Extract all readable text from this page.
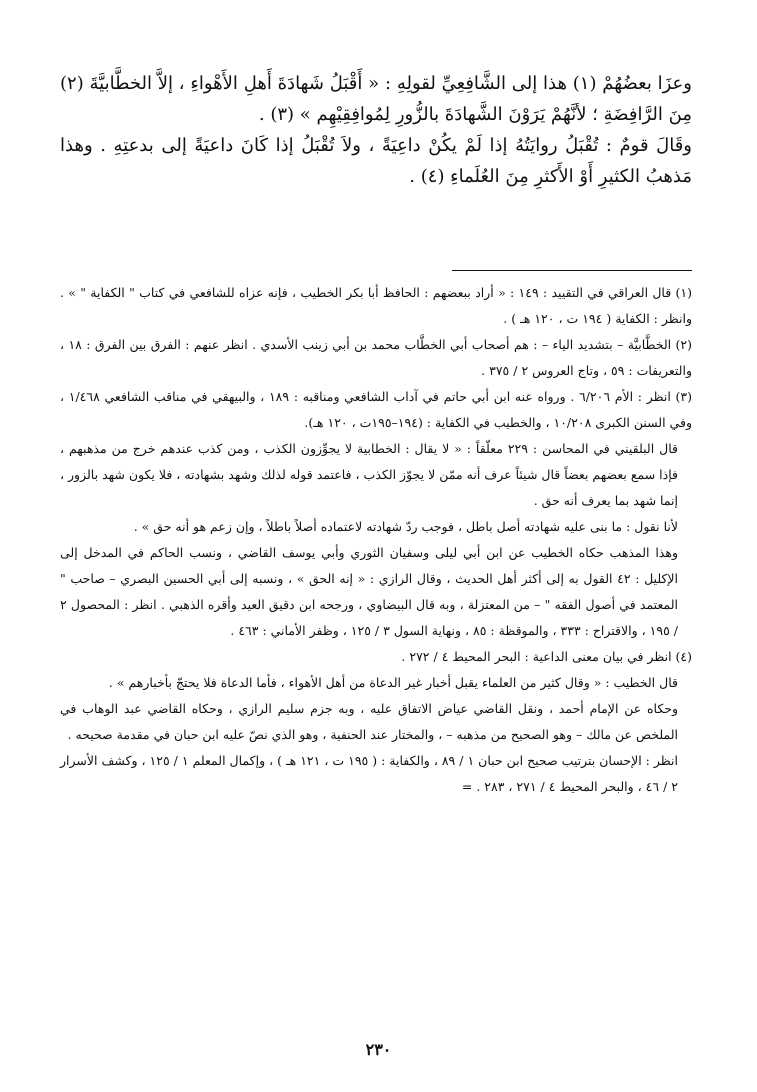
وعزَا بعضُهُمْ (١) هذا إلى الشَّافِعِيِّ لقولِهِ : « أَقْبَلُ شَهادَةَ أَهلِ الأَهْواءِ ، إلاَّ الخطَّابيَّةَ (٢) مِنَ الرَّافِضَةِ ؛ لأنَّهُمْ يَرَوْنَ الشَّهادَةَ بالزُّورِ لِمُوافِقِيْهِم » (٣) .

وقَالَ قومٌ : تُقْبَلُ روايَتُهُ إذا لَمْ يكُنْ داعِيَةً ، ولاَ تُقْبَلُ إذا كَانَ داعيَةً إلى بدعتِهِ . وهذا مَذهبُ الكثيرِ أَوْ الأَكثرِ مِنَ العُلَماءِ (٤) .

(١) قال العراقي في التقييد : ١٤٩ : « أراد ببعضهم : الحافظ أبا بكر الخطيب ، فإنه عزاه للشافعي في كتاب " الكفاية " » . وانظر : الكفاية ( ١٩٤ ت ، ١٢٠ هـ ) .

(٢) الخطَّابيَّة – بتشديد الياء – : هم أصحاب أبي الخطَّاب محمد بن أبي زينب الأسدي . انظر عنهم : الفرق بين الفرق : ١٨ ، والتعريفات : ٥٩ ، وتاج العروس ٢ / ٣٧٥ .

(٣) انظر : الأم ٦/٢٠٦ . ورواه عنه ابن أبي حاتم في آداب الشافعي ومناقبه : ١٨٩ ، والبيهقي في مناقب الشافعي ١/٤٦٨ ، وفي السنن الكبرى ١٠/٢٠٨ ، والخطيب في الكفاية : (١٩٤–١٩٥ت ، ١٢٠ هـ).

قال البلقيني في المحاسن : ٢٢٩ معلّقاً : « لا يقال : الخطابية لا يجوِّزون الكذب ، ومن كذب عندهم خرج من مذهبهم ، فإذا سمع بعضهم بعضاً قال شيئاً عرف أنه ممّن لا يجوّز الكذب ، فاعتمد قوله لذلك وشهد بشهادته ، فلا يكون شهد بالزور ، إنما شهد بما يعرف أنه حق .

لأنا نقول : ما بنى عليه شهادته أصل باطل ، فوجب ردّ شهادته لاعتماده أصلاً باطلاً ، وإن زعم هو أنه حق » .

وهذا المذهب حكاه الخطيب عن ابن أبي ليلى وسفيان الثوري وأبي يوسف القاضي ، ونسب الحاكم في المدخل إلى الإكليل : ٤٢ القول به إلى أكثر أهل الحديث ، وقال الرازي : « إنه الحق » ، ونسبه إلى أبي الحسين البصري – صاحب " المعتمد في أصول الفقه " – من المعتزلة ، وبه قال البيضاوي ، ورجحه ابن دقيق العيد وأقره الذهبي . انظر : المحصول ٢ / ١٩٥ ، والاقتراح : ٣٣٣ ، والموقظة : ٨٥ ، ونهاية السول ٣ / ١٢٥ ، وظفر الأماني : ٤٦٣ .

(٤) انظر في بيان معنى الداعية : البحر المحيط ٤ / ٢٧٢ .

قال الخطيب : « وقال كثير من العلماء يقبل أخبار غير الدعاة من أهل الأهواء ، فأما الدعاة فلا يحتجّ بأخبارهم » .

وحكاه عن الإمام أحمد ، ونقل القاضي عياض الاتفاق عليه ، وبه جزم سليم الرازي ، وحكاه القاضي عبد الوهاب في الملخص عن مالك – وهو الصحيح من مذهبه – ، والمختار عند الحنفية ، وهو الذي نصّ عليه ابن حبان في مقدمة صحيحه .

انظر : الإحسان بترتيب صحيح ابن حبان ١ / ٨٩ ، والكفاية : ( ١٩٥ ت ، ١٢١ هـ ) ، وإكمال المعلم ١ / ١٢٥ ، وكشف الأسرار ٢ / ٤٦ ، والبحر المحيط ٤ / ٢٧١ ، ٢٨٣ . =

٢٣٠
